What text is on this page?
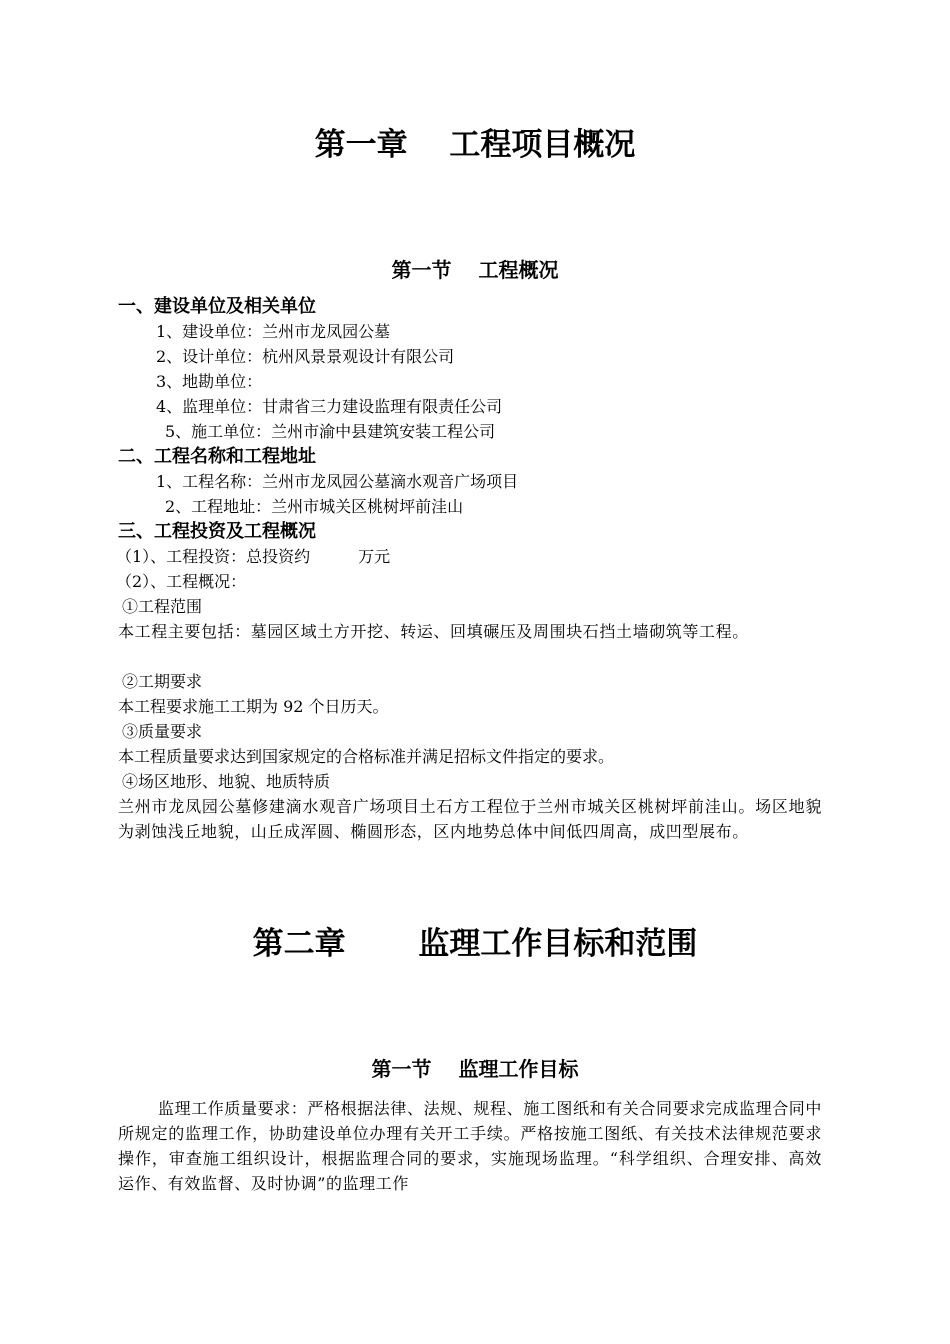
第一章　 工程项目概况
第一节　 工程概况
一、建设单位及相关单位
1、建设单位：兰州市龙凤园公墓
2、设计单位：杭州风景景观设计有限公司
3、地勘单位：
4、监理单位：甘肃省三力建设监理有限责任公司
5、施工单位：兰州市渝中县建筑安装工程公司
二、工程名称和工程地址
1、工程名称：兰州市龙凤园公墓滴水观音广场项目
2、工程地址：兰州市城关区桃树坪前洼山
三、工程投资及工程概况
（1）、工程投资：总投资约　　　万元
（2）、工程概况：
①工程范围
本工程主要包括：墓园区域土方开挖、转运、回填碾压及周围块石挡土墙砌筑等工程。
②工期要求
本工程要求施工工期为 92 个日历天。
③质量要求
本工程质量要求达到国家规定的合格标准并满足招标文件指定的要求。
④场区地形、地貌、地质特质
兰州市龙凤园公墓修建滴水观音广场项目土石方工程位于兰州市城关区桃树坪前洼山。场区地貌为剥蚀浅丘地貌，山丘成浑圆、椭圆形态，区内地势总体中间低四周高，成凹型展布。
第二章　　 监理工作目标和范围
第一节　 监理工作目标
监理工作质量要求：严格根据法律、法规、规程、施工图纸和有关合同要求完成监理合同中所规定的监理工作，协助建设单位办理有关开工手续。严格按施工图纸、有关技术法律规范要求操作，审查施工组织设计，根据监理合同的要求，实施现场监理。“科学组织、合理安排、高效运作、有效监督、及时协调”的监理工作
